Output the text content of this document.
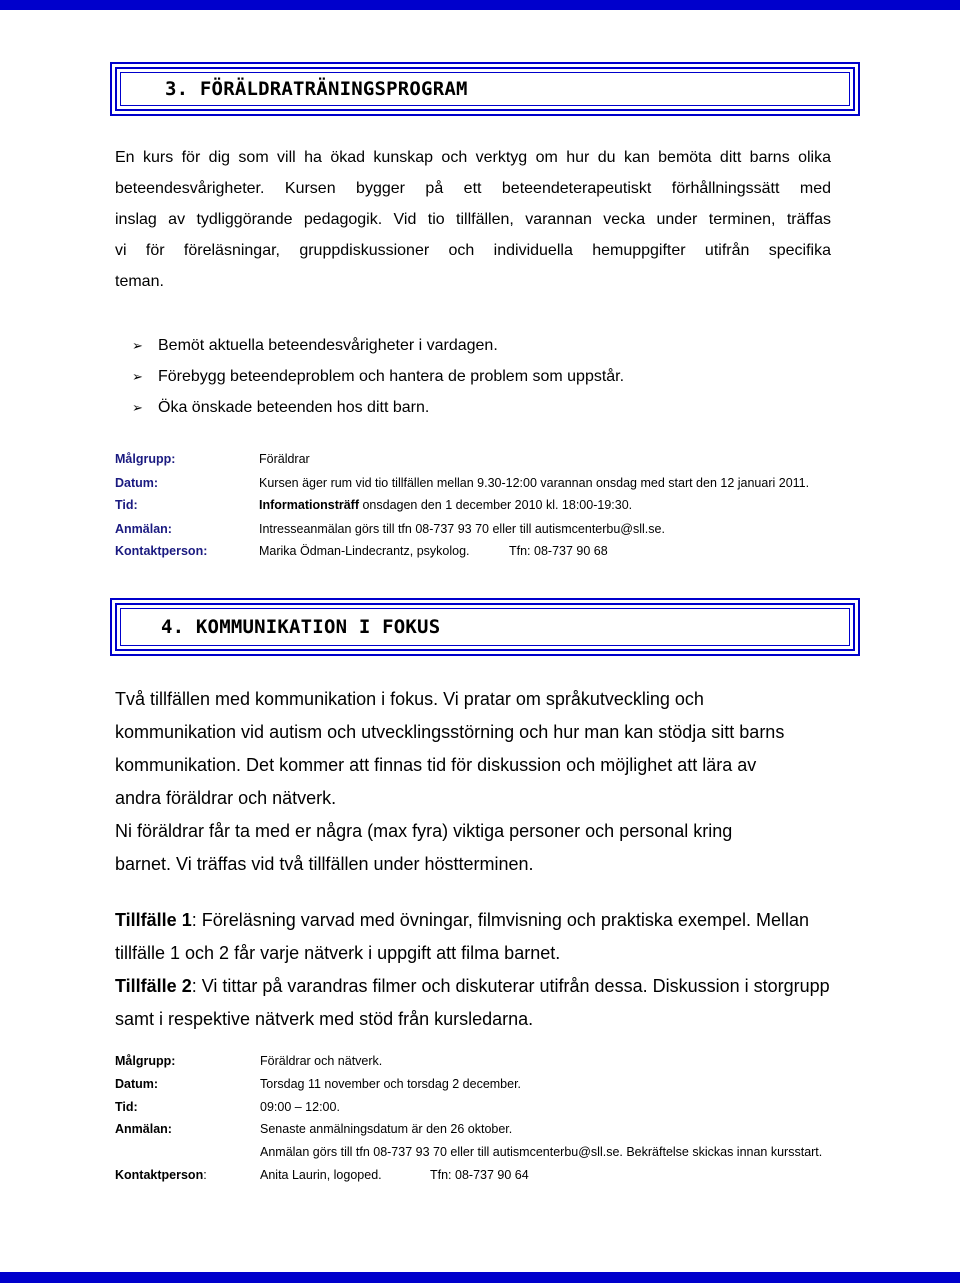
3. FÖRÄLDRATRÄNINGSPROGRAM

En kurs för dig som vill ha ökad kunskap och verktyg om hur du kan bemöta ditt barns olika
beteendesvårigheter. Kursen bygger på ett beteendeterapeutiskt förhållningssätt med
inslag av tydliggörande pedagogik. Vid tio tillfällen, varannan vecka under terminen, träffas
vi för föreläsningar, gruppdiskussioner och individuella hemuppgifter utifrån specifika
teman.

➢ Bemöt aktuella beteendesvårigheter i vardagen.
➢ Förebygg beteendeproblem och hantera de problem som uppstår.
➢ Öka önskade beteenden hos ditt barn.
Målgrupp:	Föräldrar
Datum:	Kursen äger rum vid tio tillfällen mellan 9.30-12:00 varannan onsdag med start den 12 januari 2011.
Tid:	Informationsträff onsdagen den 1 december 2010 kl. 18:00-19:30.
Anmälan:	Intresseanmälan görs till tfn 08-737 93 70 eller till autismcenterbu@sll.se.
Kontaktperson:	Marika Ödman-Lindecrantz, psykolog.	Tfn: 08-737 90 68
4. KOMMUNIKATION I FOKUS
Två tillfällen med kommunikation i fokus. Vi pratar om språkutveckling och
kommunikation vid autism och utvecklingsstörning och hur man kan stödja sitt barns
kommunikation. Det kommer att finnas tid för diskussion och möjlighet att lära av
andra föräldrar och nätverk.
Ni föräldrar får ta med er några (max fyra) viktiga personer och personal kring
barnet. Vi träffas vid två tillfällen under höstterminen.
Tillfälle 1: Föreläsning varvad med övningar, filmvisning och praktiska exempel. Mellan
tillfälle 1 och 2 får varje nätverk i uppgift att filma barnet.
Tillfälle 2: Vi tittar på varandras filmer och diskuterar utifrån dessa. Diskussion i storgrupp
samt i respektive nätverk med stöd från kursledarna.
Målgrupp:	Föräldrar och nätverk.
Datum:	Torsdag 11 november och torsdag 2 december.
Tid:	09:00 – 12:00.
Anmälan:	Senaste anmälningsdatum är den 26 oktober.
Anmälan görs till tfn 08-737 93 70 eller till autismcenterbu@sll.se. Bekräftelse skickas innan kursstart.
Kontaktperson:	Anita Laurin, logoped.	Tfn: 08-737 90 64
